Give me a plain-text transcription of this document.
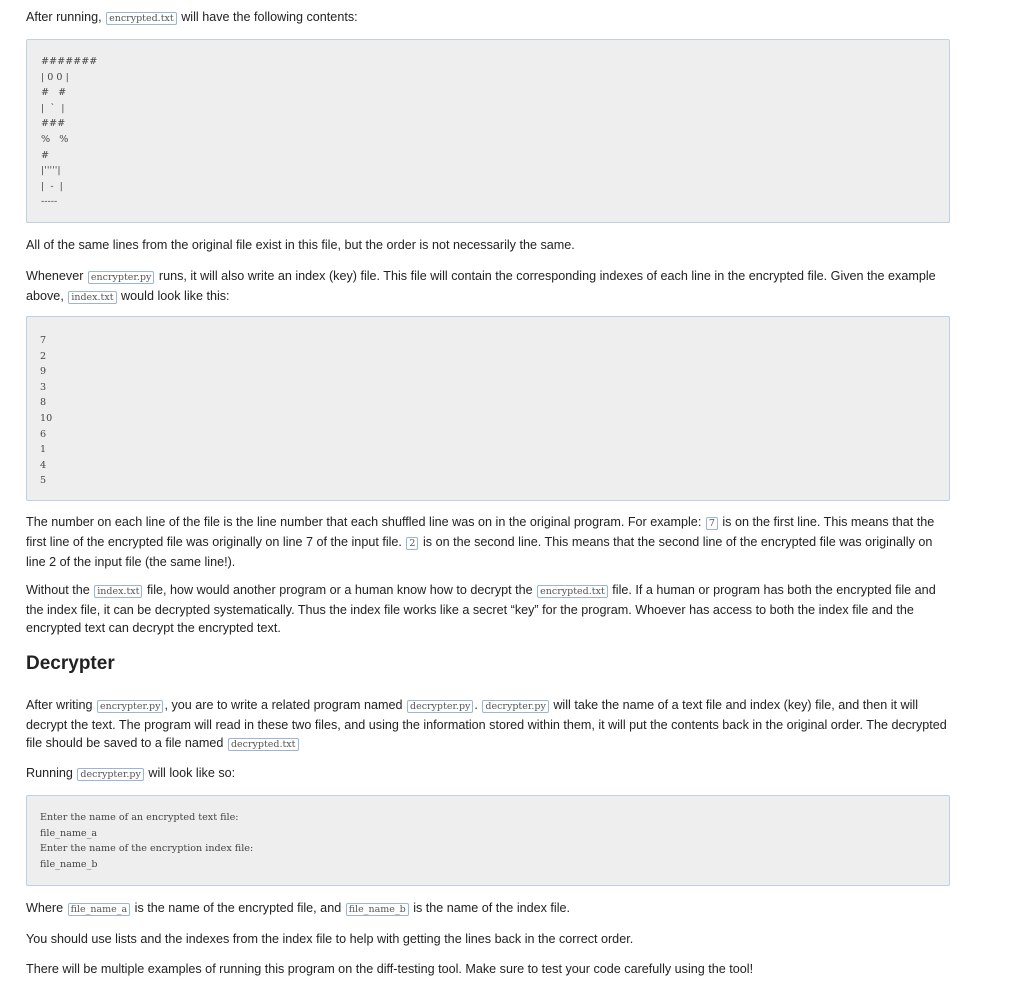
After running, encrypted.txt will have the following contents:

#######
| 0 0 |
#   #
|  `  |
###
%   %
#
|'''''|
|  -  |
-----

All of the same lines from the original file exist in this file, but the order is not necessarily the same.

Whenever encrypter.py runs, it will also write an index (key) file. This file will contain the corresponding indexes of each line in the encrypted file. Given the example above, index.txt would look like this:

7
2
9
3
8
10
6
1
4
5

The number on each line of the file is the line number that each shuffled line was on in the original program. For example: 7 is on the first line. This means that the first line of the encrypted file was originally on line 7 of the input file. 2 is on the second line. This means that the second line of the encrypted file was originally on line 2 of the input file (the same line!).

Without the index.txt file, how would another program or a human know how to decrypt the encrypted.txt file. If a human or program has both the encrypted file and the index file, it can be decrypted systematically. Thus the index file works like a secret “key” for the program. Whoever has access to both the index file and the encrypted text can decrypt the encrypted text.

Decrypter

After writing encrypter.py , you are to write a related program named decrypter.py . decrypter.py will take the name of a text file and index (key) file, and then it will decrypt the text. The program will read in these two files, and using the information stored within them, it will put the contents back in the original order. The decrypted file should be saved to a file named decrypted.txt

Running decrypter.py will look like so:

Enter the name of an encrypted text file:
file_name_a
Enter the name of the encryption index file:
file_name_b

Where file_name_a is the name of the encrypted file, and file_name_b is the name of the index file.

You should use lists and the indexes from the index file to help with getting the lines back in the correct order.

There will be multiple examples of running this program on the diff-testing tool. Make sure to test your code carefully using the tool!
